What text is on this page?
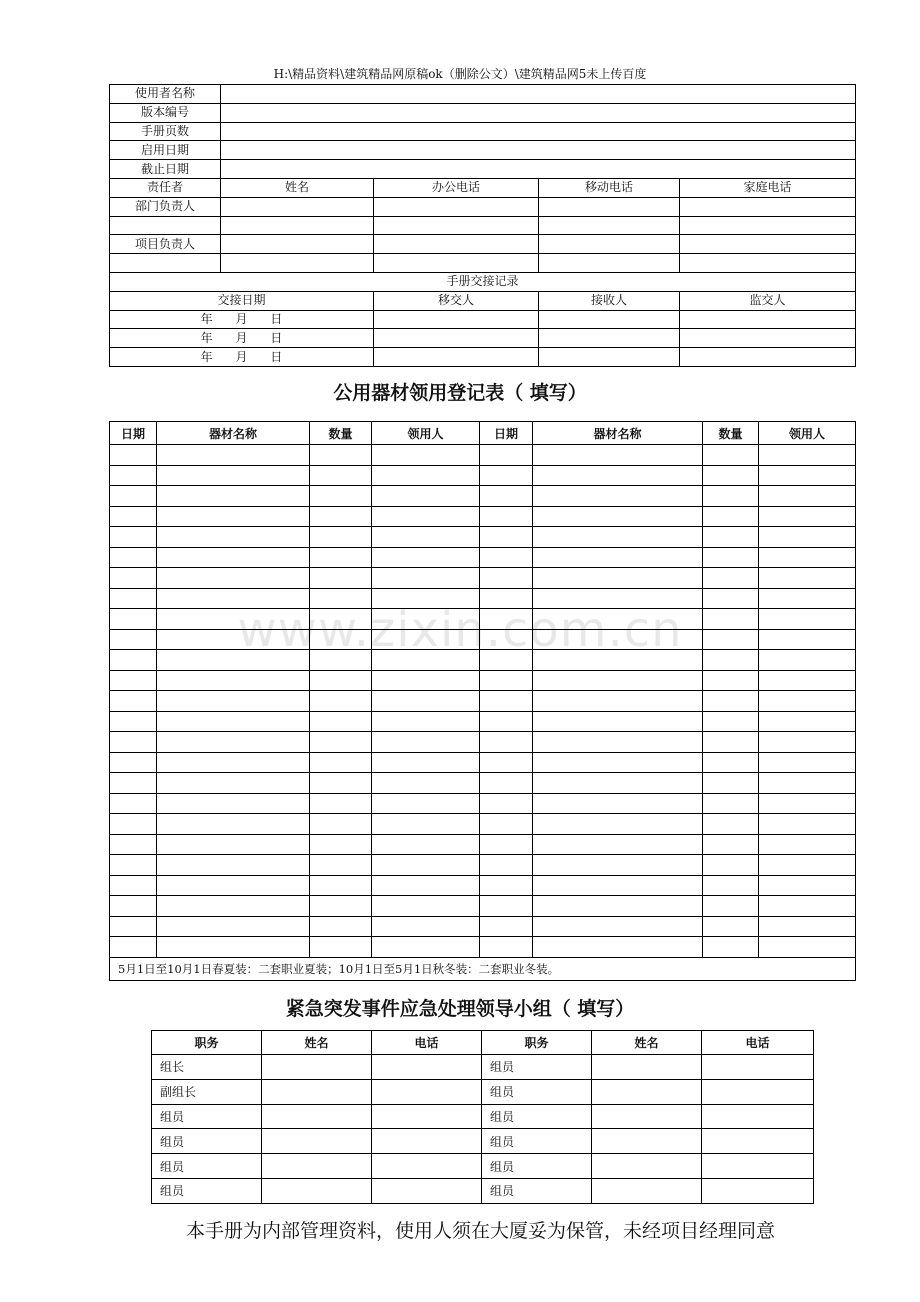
H:\精品资料\建筑精品网原稿ok（删除公文）\建筑精品网5未上传百度
使用者名称				
版本编号				
手册页数				
启用日期				
截止日期				
责任者	姓名	办公电话	移动电话	家庭电话
部门负责人				

项目负责人				

手册交接记录				
交接日期		移交人	接收人	监交人
年 月 日				
年 月 日				
年 月 日				
公用器材领用登记表（ 填写）
日期	器材名称	数量	领用人	日期	器材名称	数量	领用人

5月1日至10月1日春夏装：二套职业夏装；10月1日至5月1日秋冬装：二套职业冬装。							
www.zixin.com.cn
紧急突发事件应急处理领导小组（ 填写）
职务	姓名	电话	职务	姓名	电话
组长			组员		
副组长			组员		
组员			组员		
组员			组员		
组员			组员		
组员			组员		
本手册为内部管理资料，使用人须在大厦妥为保管，未经项目经理同意
